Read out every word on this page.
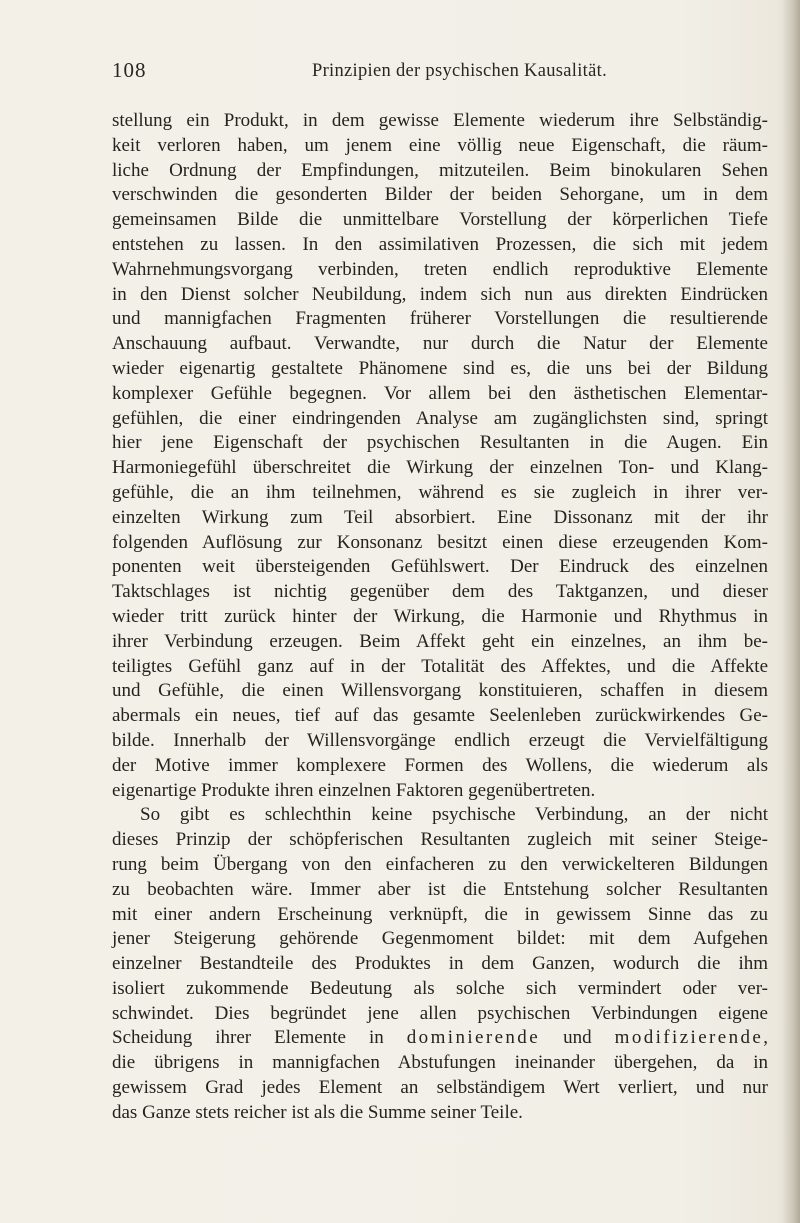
108	Prinzipien der psychischen Kausalität.
stellung ein Produkt, in dem gewisse Elemente wiederum ihre Selbständig-
keit verloren haben, um jenem eine völlig neue Eigenschaft, die räum-
liche Ordnung der Empfindungen, mitzuteilen. Beim binokularen Sehen
verschwinden die gesonderten Bilder der beiden Sehorgane, um in dem
gemeinsamen Bilde die unmittelbare Vorstellung der körperlichen Tiefe
entstehen zu lassen. In den assimilativen Prozessen, die sich mit jedem
Wahrnehmungsvorgang verbinden, treten endlich reproduktive Elemente
in den Dienst solcher Neubildung, indem sich nun aus direkten Eindrücken
und mannigfachen Fragmenten früherer Vorstellungen die resultierende
Anschauung aufbaut. Verwandte, nur durch die Natur der Elemente
wieder eigenartig gestaltete Phänomene sind es, die uns bei der Bildung
komplexer Gefühle begegnen. Vor allem bei den ästhetischen Elementar-
gefühlen, die einer eindringenden Analyse am zugänglichsten sind, springt
hier jene Eigenschaft der psychischen Resultanten in die Augen. Ein
Harmoniegefühl überschreitet die Wirkung der einzelnen Ton- und Klang-
gefühle, die an ihm teilnehmen, während es sie zugleich in ihrer ver-
einzelten Wirkung zum Teil absorbiert. Eine Dissonanz mit der ihr
folgenden Auflösung zur Konsonanz besitzt einen diese erzeugenden Kom-
ponenten weit übersteigenden Gefühlswert. Der Eindruck des einzelnen
Taktschlages ist nichtig gegenüber dem des Taktganzen, und dieser
wieder tritt zurück hinter der Wirkung, die Harmonie und Rhythmus in
ihrer Verbindung erzeugen. Beim Affekt geht ein einzelnes, an ihm be-
teiligtes Gefühl ganz auf in der Totalität des Affektes, und die Affekte
und Gefühle, die einen Willensvorgang konstituieren, schaffen in diesem
abermals ein neues, tief auf das gesamte Seelenleben zurückwirkendes Ge-
bilde. Innerhalb der Willensvorgänge endlich erzeugt die Vervielfältigung
der Motive immer komplexere Formen des Wollens, die wiederum als
eigenartige Produkte ihren einzelnen Faktoren gegenübertreten.
So gibt es schlechthin keine psychische Verbindung, an der nicht
dieses Prinzip der schöpferischen Resultanten zugleich mit seiner Steige-
rung beim Übergang von den einfacheren zu den verwickelteren Bildungen
zu beobachten wäre. Immer aber ist die Entstehung solcher Resultanten
mit einer andern Erscheinung verknüpft, die in gewissem Sinne das zu
jener Steigerung gehörende Gegenmoment bildet: mit dem Aufgehen
einzelner Bestandteile des Produktes in dem Ganzen, wodurch die ihm
isoliert zukommende Bedeutung als solche sich vermindert oder ver-
schwindet. Dies begründet jene allen psychischen Verbindungen eigene
Scheidung ihrer Elemente in dominierende und modifizierende,
die übrigens in mannigfachen Abstufungen ineinander übergehen, da in
gewissem Grad jedes Element an selbständigem Wert verliert, und nur
das Ganze stets reicher ist als die Summe seiner Teile.
